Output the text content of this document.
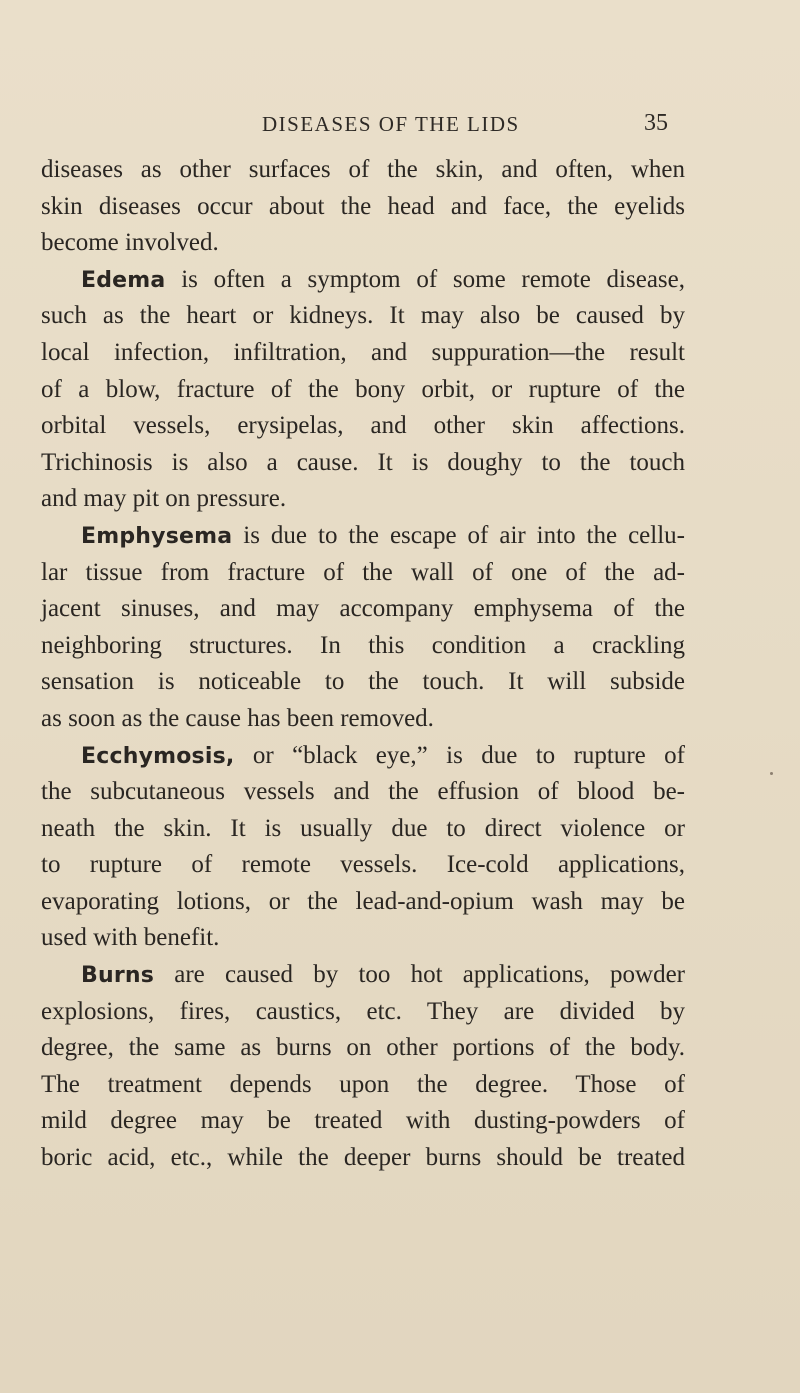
DISEASES OF THE LIDS	35
diseases as other surfaces of the skin, and often, when
skin diseases occur about the head and face, the eyelids
become involved.
Edema is often a symptom of some remote disease,
such as the heart or kidneys. It may also be caused by
local infection, infiltration, and suppuration—the result
of a blow, fracture of the bony orbit, or rupture of the
orbital vessels, erysipelas, and other skin affections.
Trichinosis is also a cause. It is doughy to the touch
and may pit on pressure.
Emphysema is due to the escape of air into the cellu-
lar tissue from fracture of the wall of one of the ad-
jacent sinuses, and may accompany emphysema of the
neighboring structures. In this condition a crackling
sensation is noticeable to the touch. It will subside
as soon as the cause has been removed.
Ecchymosis, or “black eye,” is due to rupture of
the subcutaneous vessels and the effusion of blood be-
neath the skin. It is usually due to direct violence or
to rupture of remote vessels. Ice-cold applications,
evaporating lotions, or the lead-and-opium wash may be
used with benefit.
Burns are caused by too hot applications, powder
explosions, fires, caustics, etc. They are divided by
degree, the same as burns on other portions of the body.
The treatment depends upon the degree. Those of
mild degree may be treated with dusting-powders of
boric acid, etc., while the deeper burns should be treated
